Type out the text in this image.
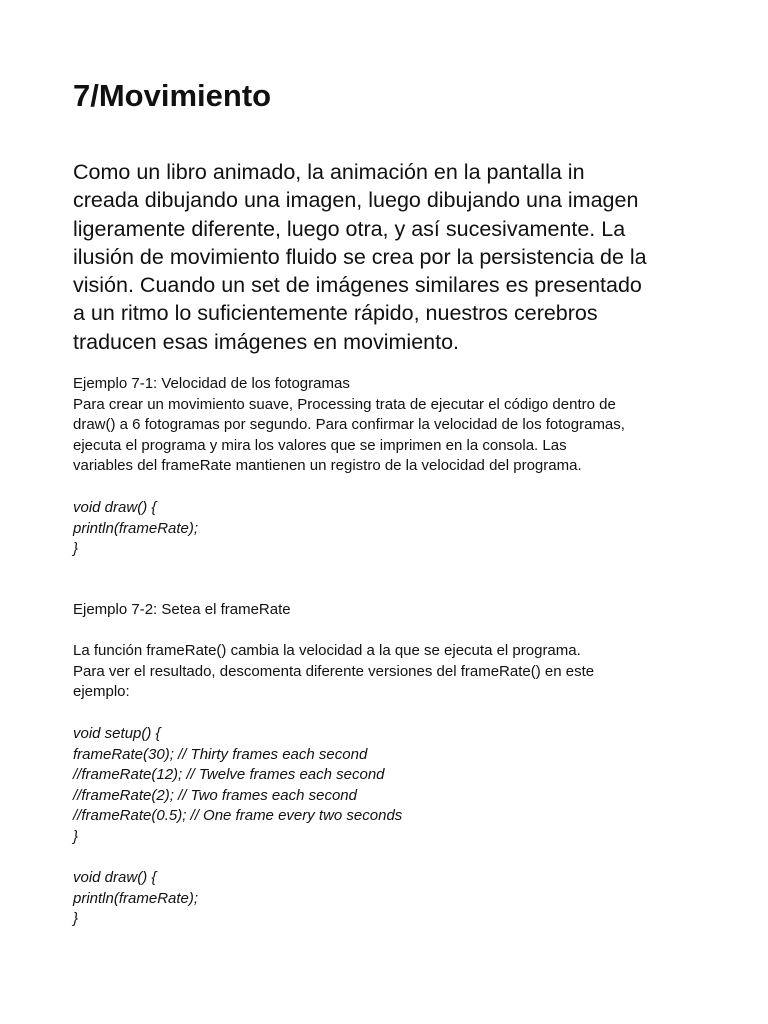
7/Movimiento

Como un libro animado, la animación en la pantalla in
creada dibujando una imagen, luego dibujando una imagen
ligeramente diferente, luego otra, y así sucesivamente. La
ilusión de movimiento fluido se crea por la persistencia de la
visión. Cuando un set de imágenes similares es presentado
a un ritmo lo suficientemente rápido, nuestros cerebros
traducen esas imágenes en movimiento.

Ejemplo 7-1: Velocidad de los fotogramas
Para crear un movimiento suave, Processing trata de ejecutar el código dentro de
draw() a 6 fotogramas por segundo. Para confirmar la velocidad de los fotogramas,
ejecuta el programa y mira los valores que se imprimen en la consola. Las
variables del frameRate mantienen un registro de la velocidad del programa.
void draw() {
println(frameRate);
}
Ejemplo 7-2: Setea el frameRate
La función frameRate() cambia la velocidad a la que se ejecuta el programa.
Para ver el resultado, descomenta diferente versiones del frameRate() en este
ejemplo:
void setup() {
frameRate(30); // Thirty frames each second
//frameRate(12); // Twelve frames each second
//frameRate(2); // Two frames each second
//frameRate(0.5); // One frame every two seconds
}
void draw() {
println(frameRate);
}
